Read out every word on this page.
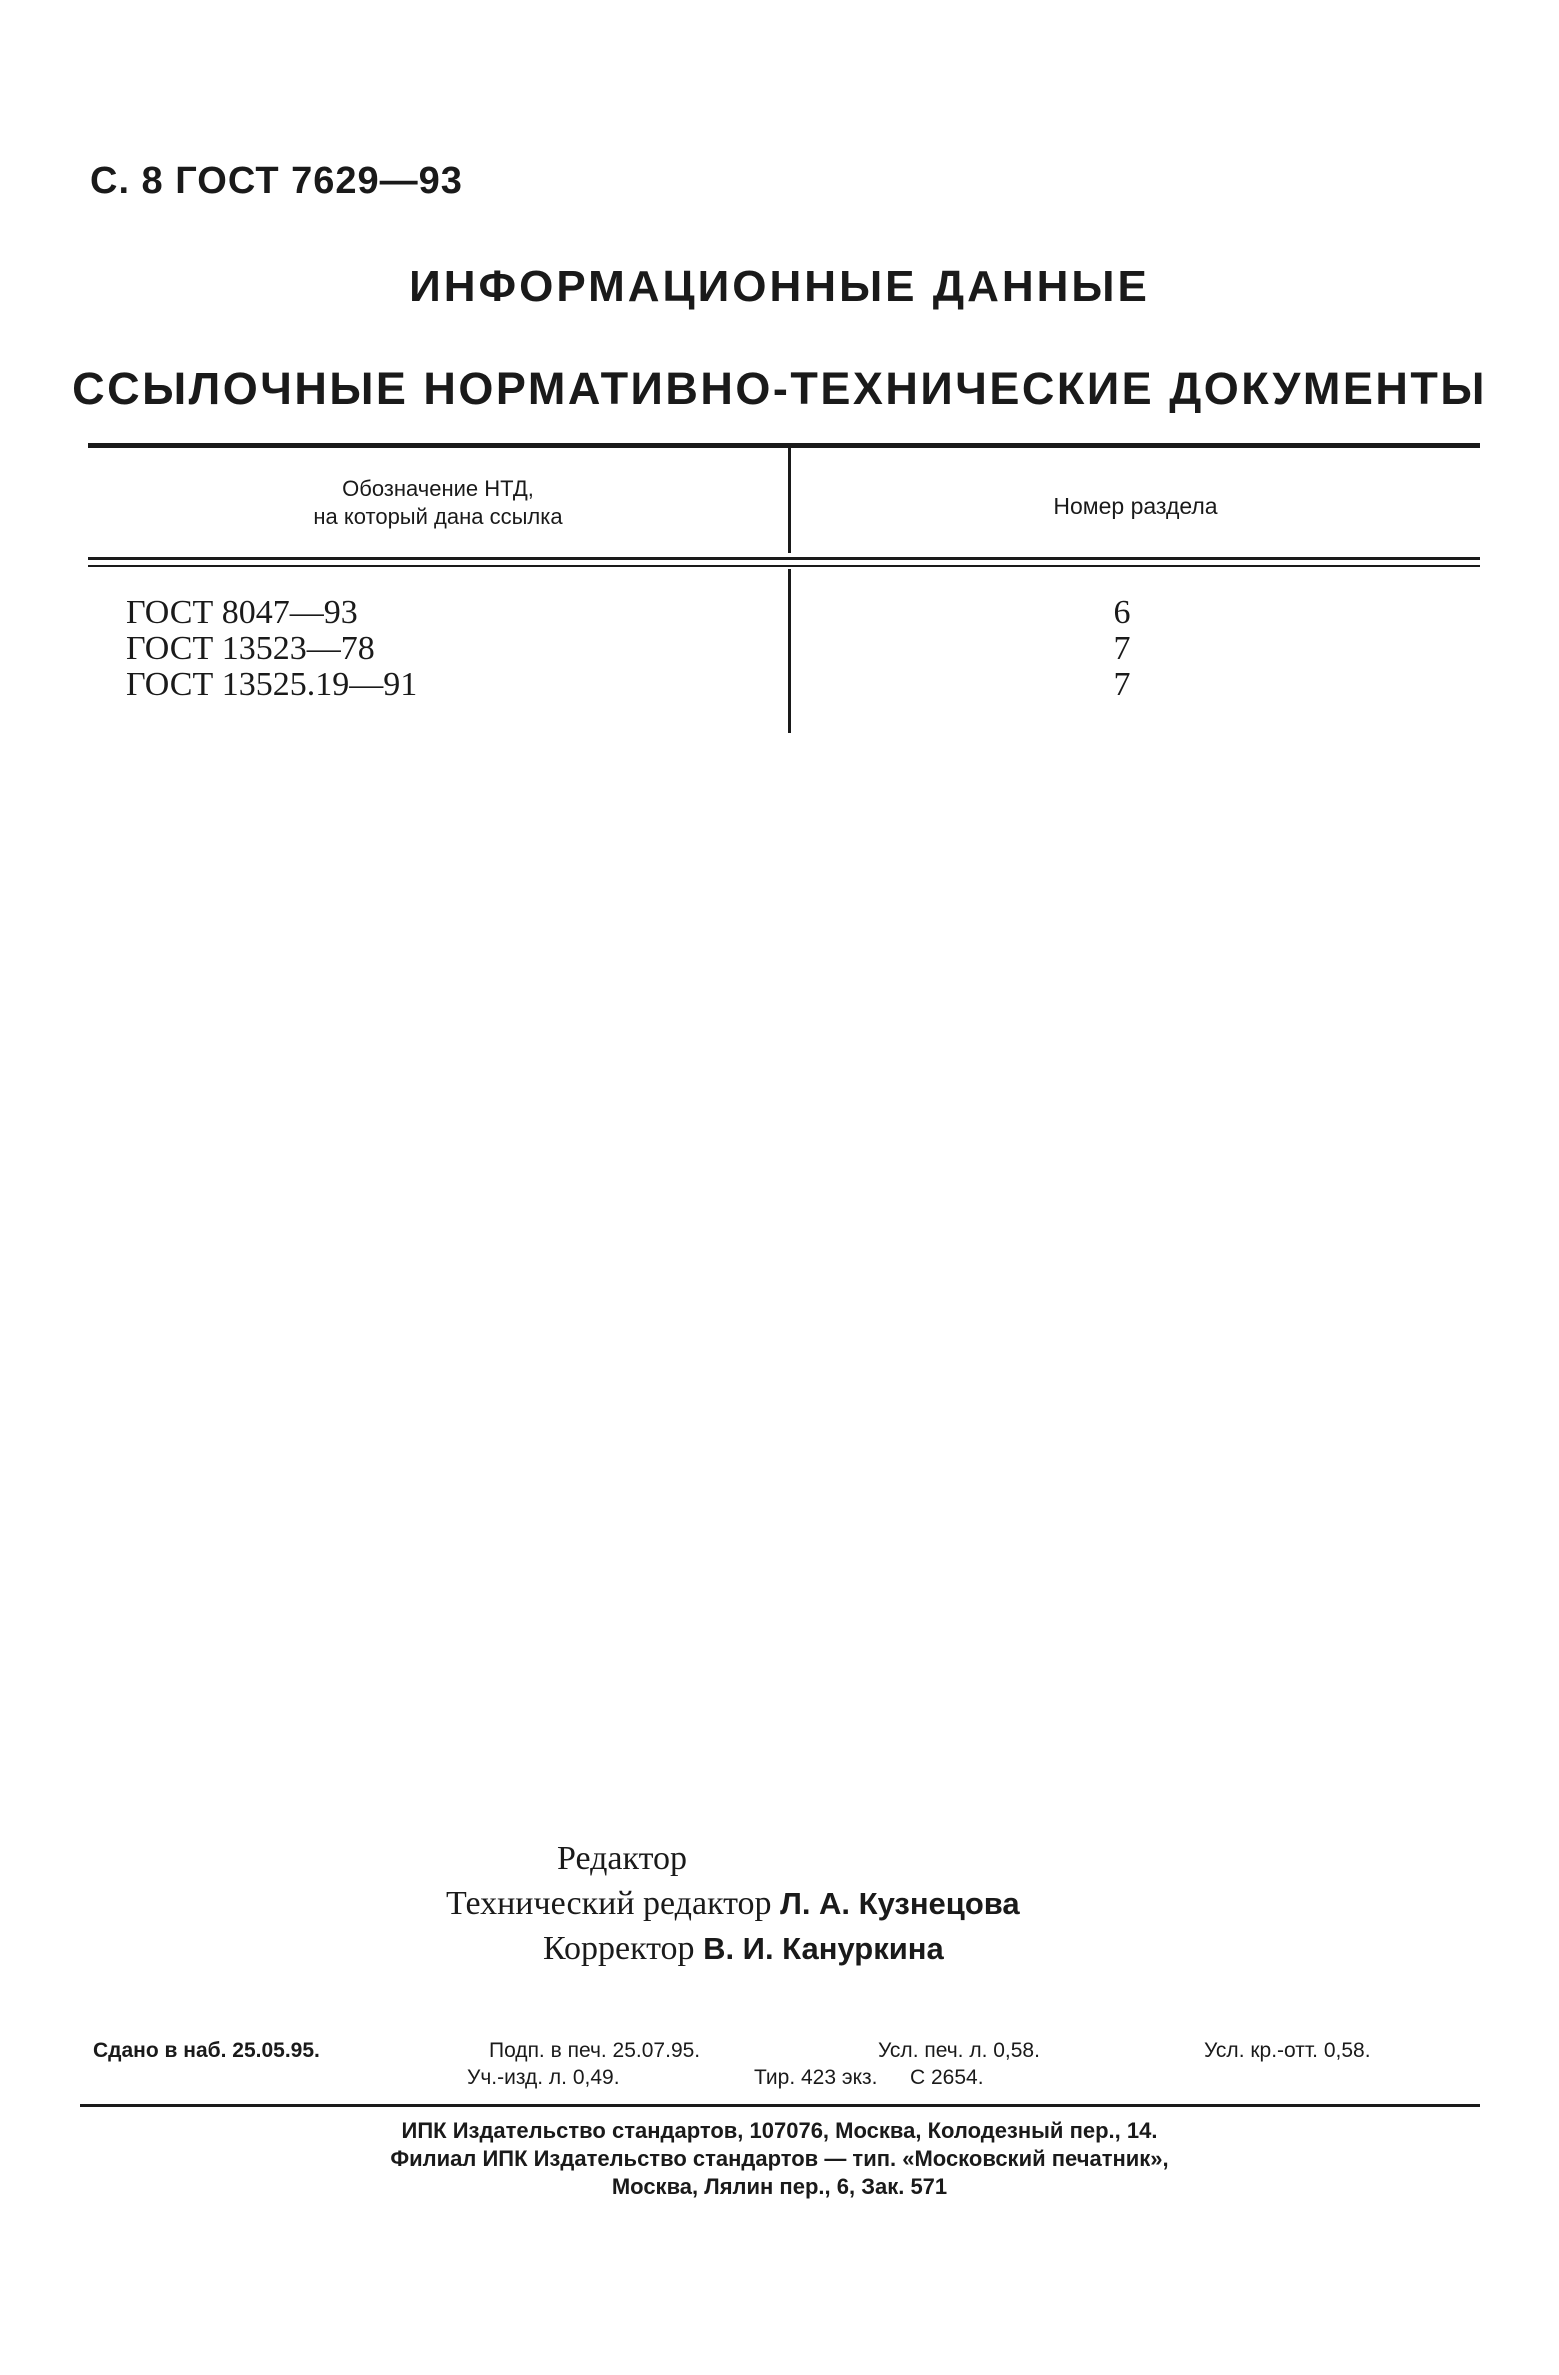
С. 8 ГОСТ 7629—93
ИНФОРМАЦИОННЫЕ ДАННЫЕ
ССЫЛОЧНЫЕ НОРМАТИВНО-ТЕХНИЧЕСКИЕ ДОКУМЕНТЫ
Обозначение НТД,
на который дана ссылка	Номер раздела
ГОСТ 8047—93	6
ГОСТ 13523—78	7
ГОСТ 13525.19—91	7
Редактор
Технический редактор Л. А. Кузнецова
Корректор В. И. Кануркина
Сдано в наб. 25.05.95.	Подп. в печ. 25.07.95.	Усл. печ. л. 0,58.	Усл. кр.-отт. 0,58.
Уч.-изд. л. 0,49.	Тир. 423 экз. С 2654.
ИПК Издательство стандартов, 107076, Москва, Колодезный пер., 14.
Филиал ИПК Издательство стандартов — тип. «Московский печатник»,
Москва, Лялин пер., 6, Зак. 571
